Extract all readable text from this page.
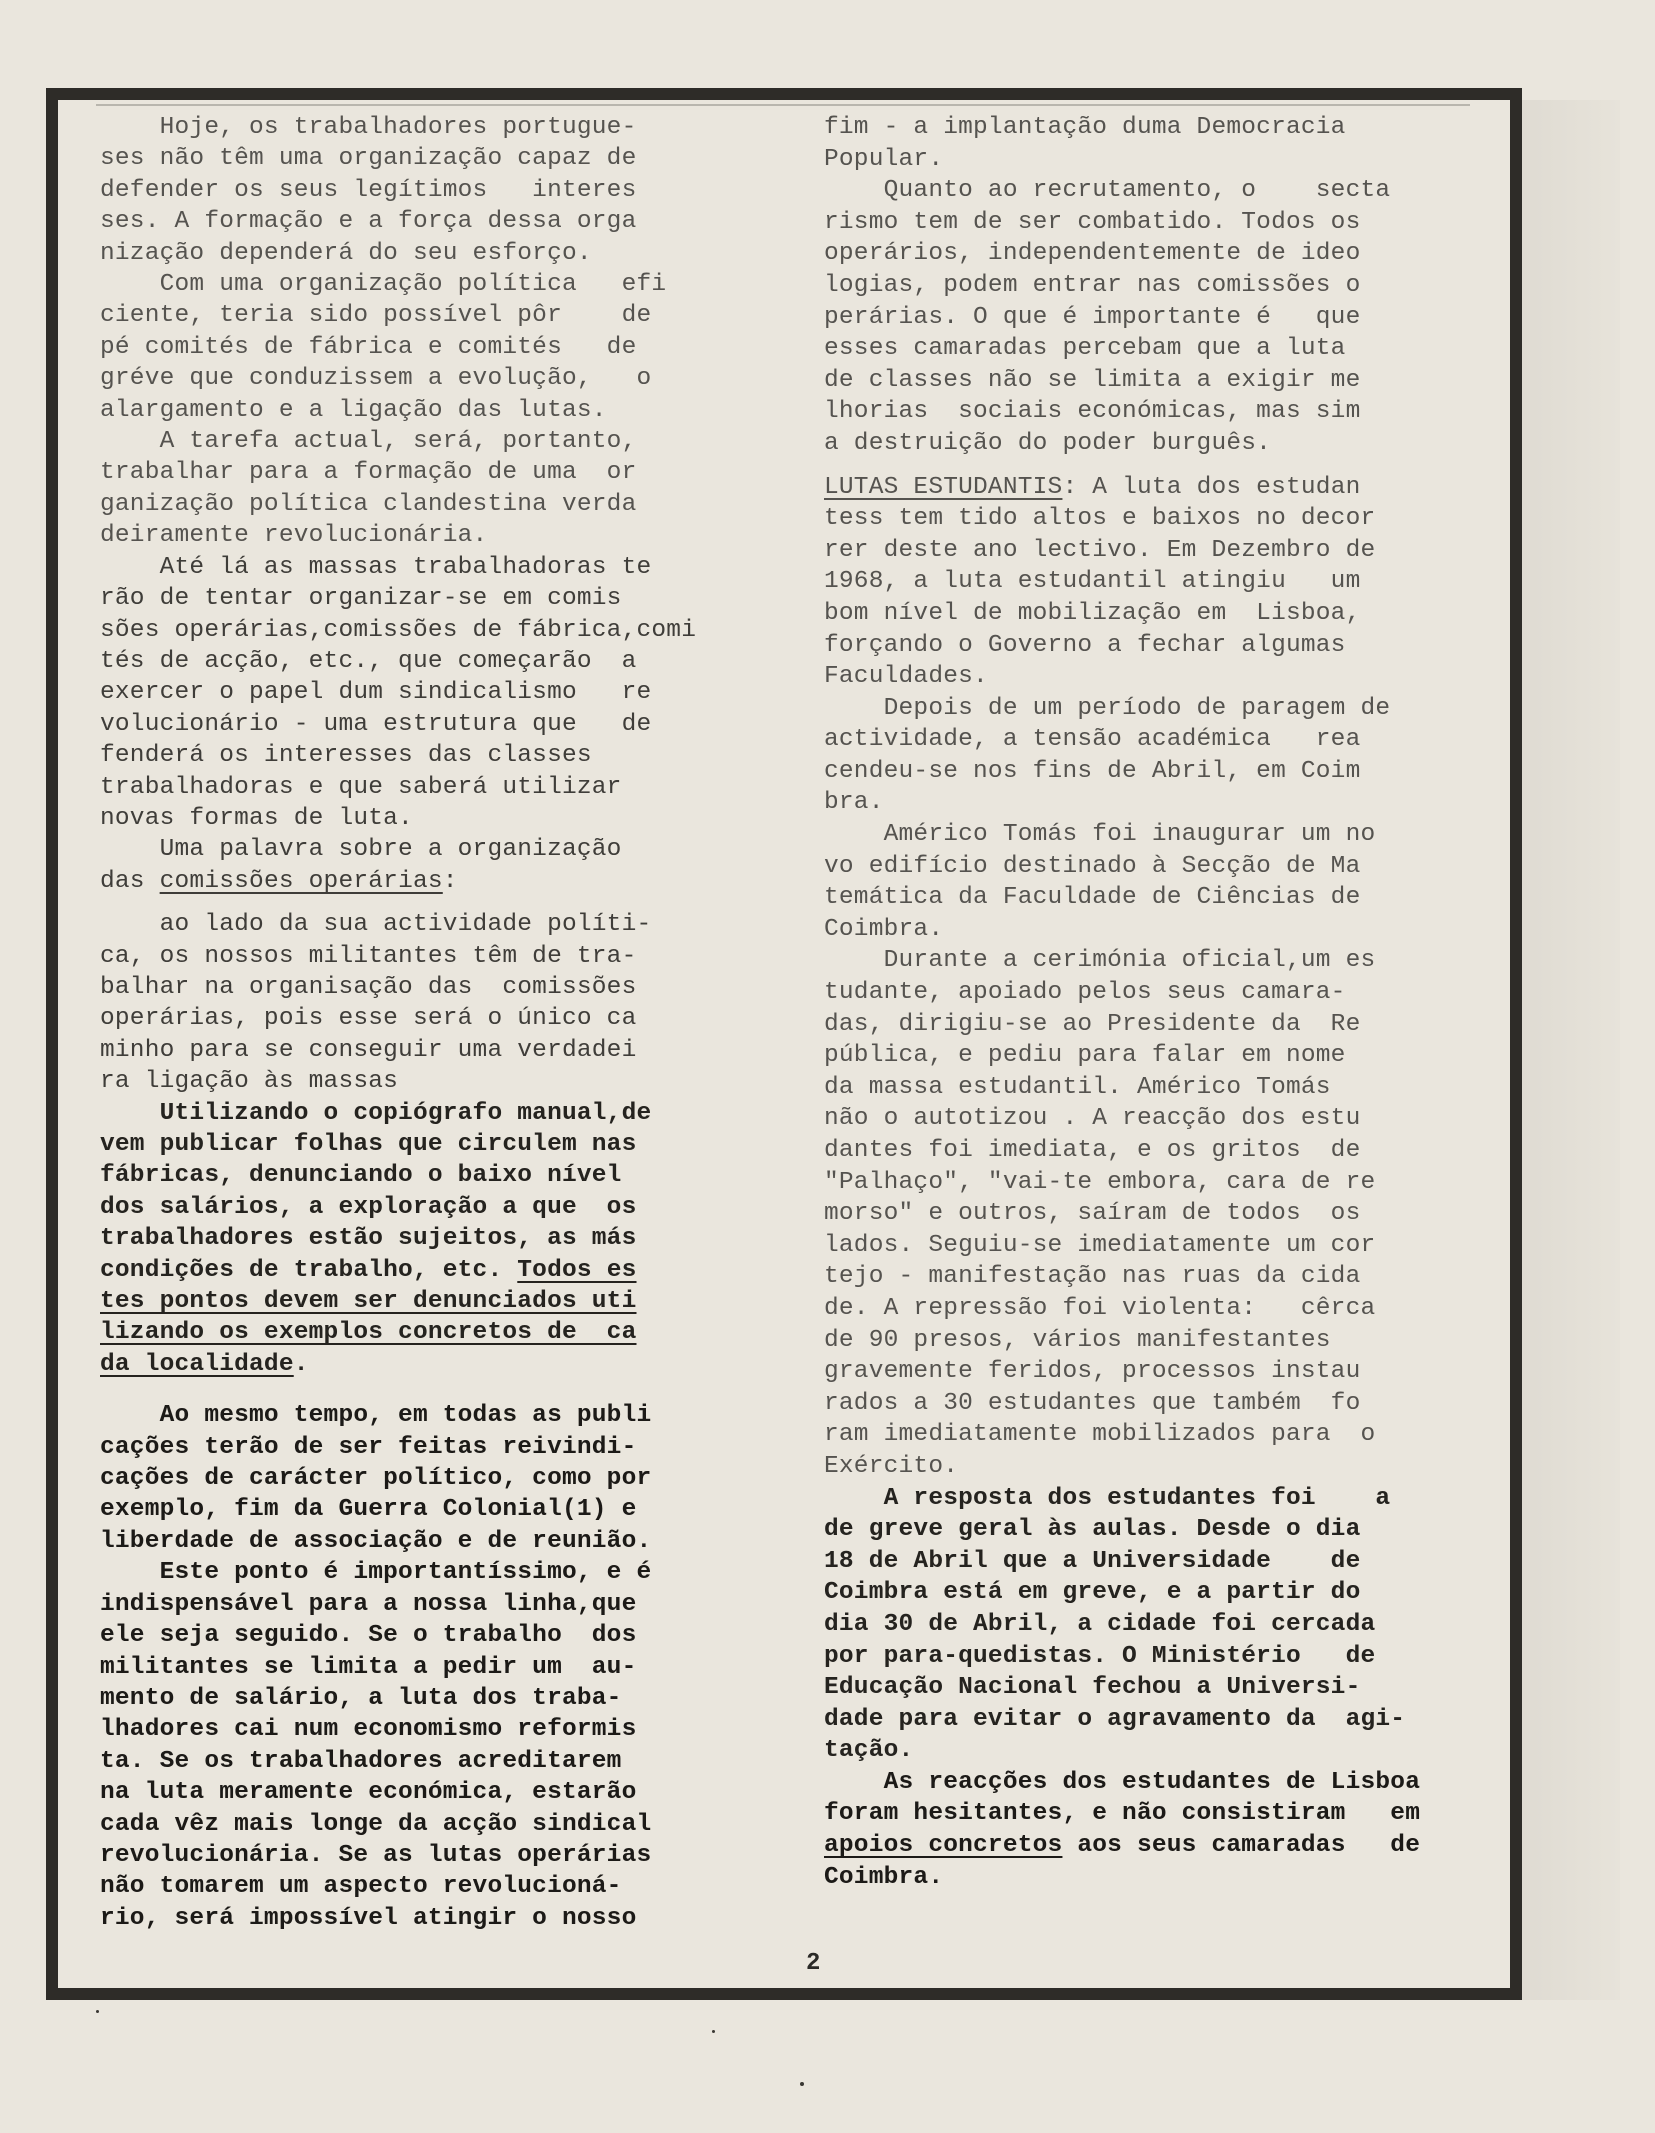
Hoje, os trabalhadores portugue-
ses não têm uma organização capaz de
defender os seus legítimos   interes
ses. A formação e a força dessa orga
nização dependerá do seu esforço.
Com uma organização política   efi
ciente, teria sido possível pôr    de
pé comités de fábrica e comités   de
gréve que conduzissem a evolução,   o
alargamento e a ligação das lutas.
A tarefa actual, será, portanto,
trabalhar para a formação de uma  or
ganização política clandestina verda
deiramente revolucionária.
Até lá as massas trabalhadoras te
rão de tentar organizar-se em comis
sões operárias,comissões de fábrica,comi
tés de acção, etc., que começarão  a
exercer o papel dum sindicalismo   re
volucionário - uma estrutura que   de
fenderá os interesses das classes
trabalhadoras e que saberá utilizar
novas formas de luta.
Uma palavra sobre a organização
das comissões operárias:

ao lado da sua actividade políti-
ca, os nossos militantes têm de tra-
balhar na organisação das  comissões
operárias, pois esse será o único ca
minho para se conseguir uma verdadei
ra ligação às massas
Utilizando o copiógrafo manual,de
vem publicar folhas que circulem nas
fábricas, denunciando o baixo nível
dos salários, a exploração a que  os
trabalhadores estão sujeitos, as más
condições de trabalho, etc. Todos es
tes pontos devem ser denunciados uti
lizando os exemplos concretos de  ca
da localidade.

Ao mesmo tempo, em todas as publi
cações terão de ser feitas reivindi-
cações de carácter político, como por
exemplo, fim da Guerra Colonial(1) e
liberdade de associação e de reunião.
Este ponto é importantíssimo, e é
indispensável para a nossa linha,que
ele seja seguido. Se o trabalho  dos
militantes se limita a pedir um  au-
mento de salário, a luta dos traba-
lhadores cai num economismo reformis
ta. Se os trabalhadores acreditarem
na luta meramente económica, estarão
cada vêz mais longe da acção sindical
revolucionária. Se as lutas operárias
não tomarem um aspecto revolucioná-
rio, será impossível atingir o nosso
fim - a implantação duma Democracia
Popular.
Quanto ao recrutamento, o    secta
rismo tem de ser combatido. Todos os
operários, independentemente de ideo
logias, podem entrar nas comissões o
perárias. O que é importante é   que
esses camaradas percebam que a luta
de classes não se limita a exigir me
lhorias  sociais económicas, mas sim
a destruição do poder burguês.

LUTAS ESTUDANTIS: A luta dos estudan
tess tem tido altos e baixos no decor
rer deste ano lectivo. Em Dezembro de
1968, a luta estudantil atingiu   um
bom nível de mobilização em  Lisboa,
forçando o Governo a fechar algumas
Faculdades.
Depois de um período de paragem de
actividade, a tensão académica   rea
cendeu-se nos fins de Abril, em Coim
bra.
Américo Tomás foi inaugurar um no
vo edifício destinado à Secção de Ma
temática da Faculdade de Ciências de
Coimbra.
Durante a cerimónia oficial,um es
tudante, apoiado pelos seus camara-
das, dirigiu-se ao Presidente da  Re
pública, e pediu para falar em nome
da massa estudantil. Américo Tomás
não o autotizou . A reacção dos estu
dantes foi imediata, e os gritos  de
"Palhaço", "vai-te embora, cara de re
morso" e outros, saíram de todos  os
lados. Seguiu-se imediatamente um cor
tejo - manifestação nas ruas da cida
de. A repressão foi violenta:   cêrca
de 90 presos, vários manifestantes
gravemente feridos, processos instau
rados a 30 estudantes que também  fo
ram imediatamente mobilizados para  o
Exército.
A resposta dos estudantes foi    a
de greve geral às aulas. Desde o dia
18 de Abril que a Universidade    de
Coimbra está em greve, e a partir do
dia 30 de Abril, a cidade foi cercada
por para-quedistas. O Ministério   de
Educação Nacional fechou a Universi-
dade para evitar o agravamento da  agi-
tação.
As reacções dos estudantes de Lisboa
foram hesitantes, e não consistiram   em
apoios concretos aos seus camaradas   de
Coimbra.
2
